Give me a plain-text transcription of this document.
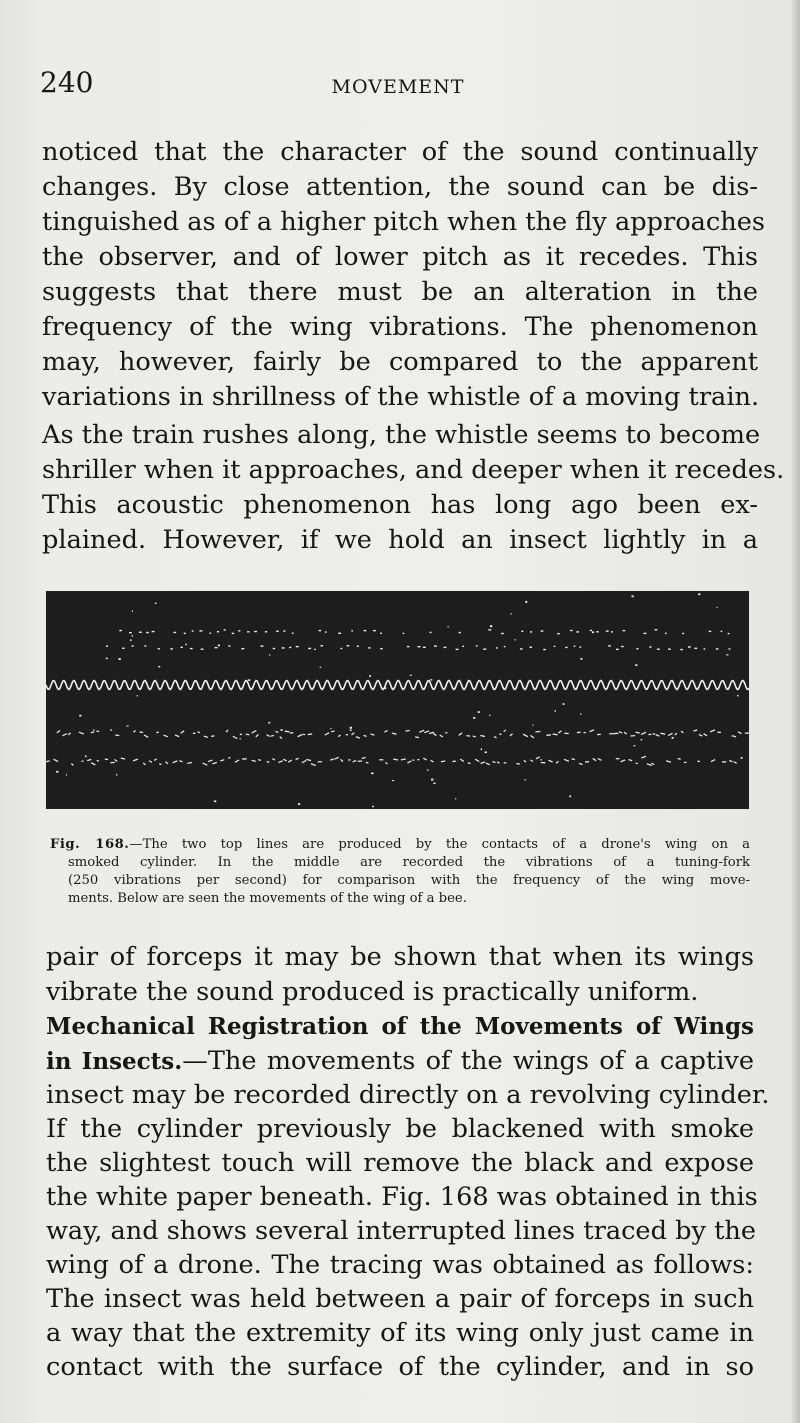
240	MOVEMENT
noticed that the character of the sound continually
changes. By close attention, the sound can be dis-
tinguished as of a higher pitch when the fly approaches
the observer, and of lower pitch as it recedes. This
suggests that there must be an alteration in the
frequency of the wing vibrations. The phenomenon
may, however, fairly be compared to the apparent
variations in shrillness of the whistle of a moving train.
As the train rushes along, the whistle seems to become
shriller when it approaches, and deeper when it recedes.
This acoustic phenomenon has long ago been ex-
plained. However, if we hold an insect lightly in a
Fig. 168.—The two top lines are produced by the contacts of a drone's wing on a
smoked cylinder. In the middle are recorded the vibrations of a tuning-fork
(250 vibrations per second) for comparison with the frequency of the wing move-
ments. Below are seen the movements of the wing of a bee.
pair of forceps it may be shown that when its wings
vibrate the sound produced is practically uniform.
Mechanical Registration of the Movements of Wings
in Insects.—The movements of the wings of a captive
insect may be recorded directly on a revolving cylinder.
If the cylinder previously be blackened with smoke
the slightest touch will remove the black and expose
the white paper beneath. Fig. 168 was obtained in this
way, and shows several interrupted lines traced by the
wing of a drone. The tracing was obtained as follows:
The insect was held between a pair of forceps in such
a way that the extremity of its wing only just came in
contact with the surface of the cylinder, and in so
